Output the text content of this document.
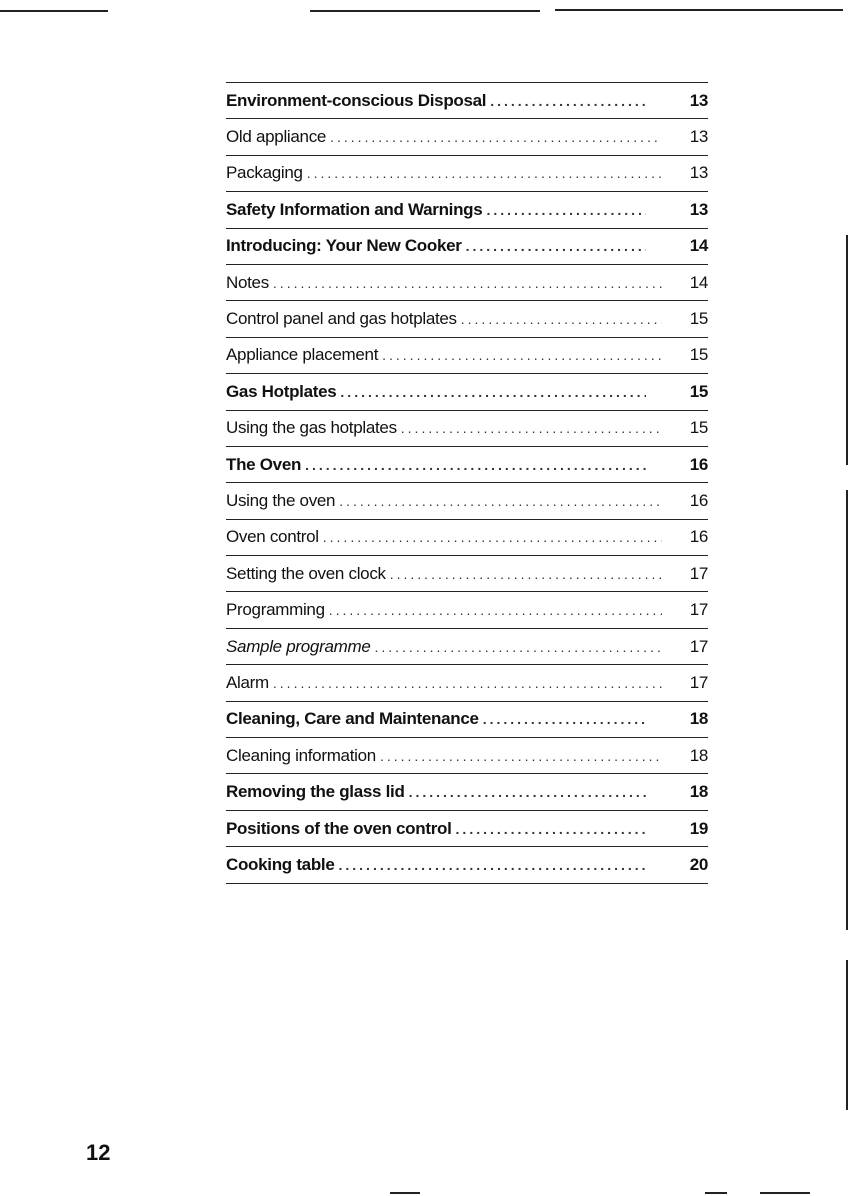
Environment-conscious Disposal .....	13
Old appliance .....	13
Packaging .....	13
Safety Information and Warnings .....	13
Introducing: Your New Cooker .....	14
Notes .....	14
Control panel and gas hotplates .....	15
Appliance placement .....	15
Gas Hotplates .....	15
Using the gas hotplates .....	15
The Oven .....	16
Using the oven .....	16
Oven control .....	16
Setting the oven clock .....	17
Programming .....	17
Sample programme .....	17
Alarm .....	17
Cleaning, Care and Maintenance .....	18
Cleaning information .....	18
Removing the glass lid .....	18
Positions of the oven control .....	19
Cooking table .....	20
12
